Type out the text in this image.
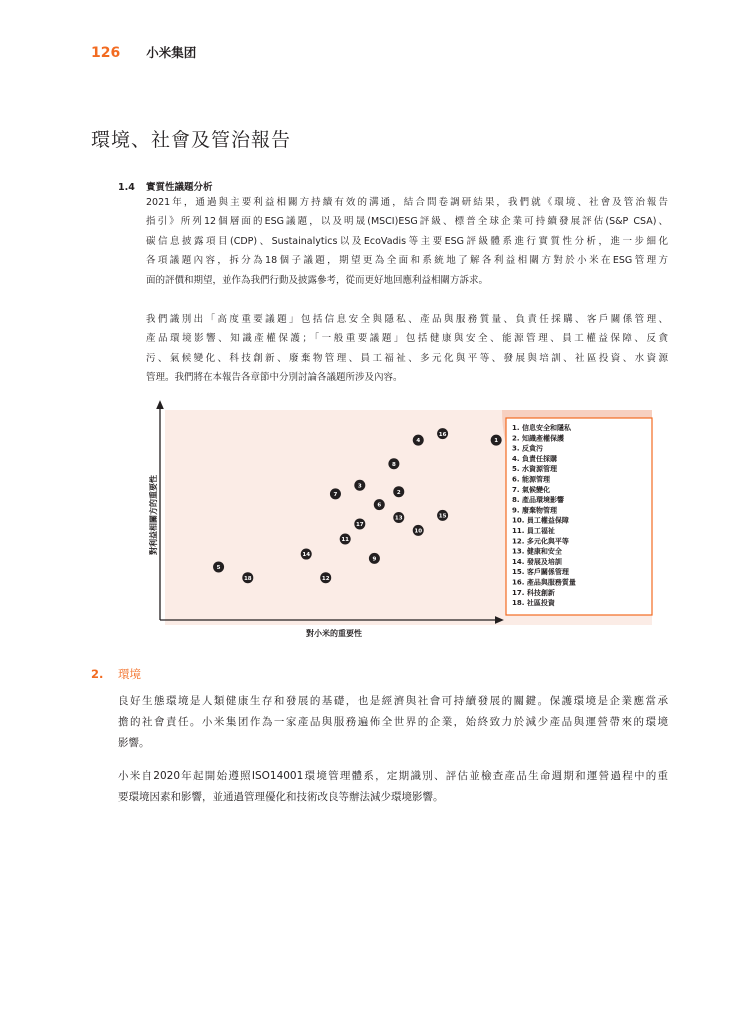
126 小米集团
環境、社會及管治報告
1.4 實質性議題分析

2021年，通過與主要利益相關方持續有效的溝通，結合問卷調研結果，我們就《環境、社會及管治報告
指引》所列12個層面的ESG議題，以及明晟(MSCI)ESG評級、標普全球企業可持續發展評估(S&P CSA)、
碳信息披露項目(CDP)、Sustainalytics以及EcoVadis等主要ESG評級體系進行實質性分析，進一步細化
各項議題內容，拆分為18個子議題，期望更為全面和系統地了解各利益相關方對於小米在ESG管理方
面的評價和期望，並作為我們行動及披露參考，從而更好地回應利益相關方訴求。

我們識別出「高度重要議題」包括信息安全與隱私、產品與服務質量、負責任採購、客戶關係管理、
產品環境影響、知識產權保護；「一般重要議題」包括健康與安全、能源管理、員工權益保障、反貪
污、氣候變化、科技創新、廢棄物管理、員工福祉、多元化與平等、發展與培訓、社區投資、水資源
管理。我們將在本報告各章節中分別討論各議題所涉及內容。

對小米的重要性
對利益相關方的重要性
1
2
3
4
5
6
7
8
9
10
11
12
13
14
15
16
17
18
1. 信息安全和隱私
2. 知識產權保護
3. 反貪污
4. 負責任採購
5. 水資源管理
6. 能源管理
7. 氣候變化
8. 產品環境影響
9. 廢棄物管理
10. 員工權益保障
11. 員工福祉
12. 多元化與平等
13. 健康和安全
14. 發展及培訓
15. 客戶關係管理
16. 產品與服務質量
17. 科技創新
18. 社區投資
2. 環境

良好生態環境是人類健康生存和發展的基礎，也是經濟與社會可持續發展的關鍵。保護環境是企業應當承
擔的社會責任。小米集团作為一家產品與服務遍佈全世界的企業，始終致力於減少產品與運營帶來的環境
影響。

小米自2020年起開始遵照ISO14001環境管理體系，定期識別、評估並檢查產品生命週期和運營過程中的重
要環境因素和影響，並通過管理優化和技術改良等辦法減少環境影響。
